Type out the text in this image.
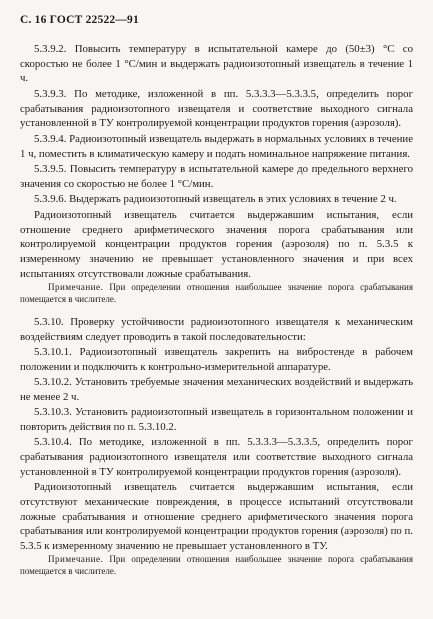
С. 16 ГОСТ 22522—91

5.3.9.2. Повысить температуру в испытательной камере до (50±3) °С со скоростью не более 1 °С/мин и выдержать радиоизотопный извещатель в течение 1 ч.

5.3.9.3. По методике, изложенной в пп. 5.3.3.3—5.3.3.5, определить порог срабатывания радиоизотопного извещателя и соответствие выходного сигнала установленной в ТУ контролируемой концентрации продуктов горения (аэрозоля).

5.3.9.4. Радиоизотопный извещатель выдержать в нормальных условиях в течение 1 ч, поместить в климатическую камеру и подать номинальное напряжение питания.

5.3.9.5. Повысить температуру в испытательной камере до предельного верхнего значения со скоростью не более 1 °С/мин.

5.3.9.6. Выдержать радиоизотопный извещатель в этих условиях в течение 2 ч.

Радиоизотопный извещатель считается выдержавшим испытания, если отношение среднего арифметического значения порога срабатывания или контролируемой концентрации продуктов горения (аэрозоля) по п. 5.3.5 к измеренному значению не превышает установленного значения и при всех испытаниях отсутствовали ложные срабатывания.

Примечание. При определении отношения наибольшее значение порога срабатывания помещается в числителе.

5.3.10. Проверку устойчивости радиоизотопного извещателя к механическим воздействиям следует проводить в такой последовательности:

5.3.10.1. Радиоизотопный извещатель закрепить на вибростенде в рабочем положении и подключить к контрольно-измерительной аппаратуре.

5.3.10.2. Установить требуемые значения механических воздействий и выдержать не менее 2 ч.

5.3.10.3. Установить радиоизотопный извещатель в горизонтальном положении и повторить действия по п. 5.3.10.2.

5.3.10.4. По методике, изложенной в пп. 5.3.3.3—5.3.3.5, определить порог срабатывания радиоизотопного извещателя или соответствие выходного сигнала установленной в ТУ контролируемой концентрации продуктов горения (аэрозоля).

Радиоизотопный извещатель считается выдержавшим испытания, если отсутствуют механические повреждения, в процессе испытаний отсутствовали ложные срабатывания и отношение среднего арифметического значения порога срабатывания или контролируемой концентрации продуктов горения (аэрозоля) по п. 5.3.5 к измеренному значению не превышает установленного в ТУ.

Примечание. При определении отношения наибольшее значение порога срабатывания помещается в числителе.
